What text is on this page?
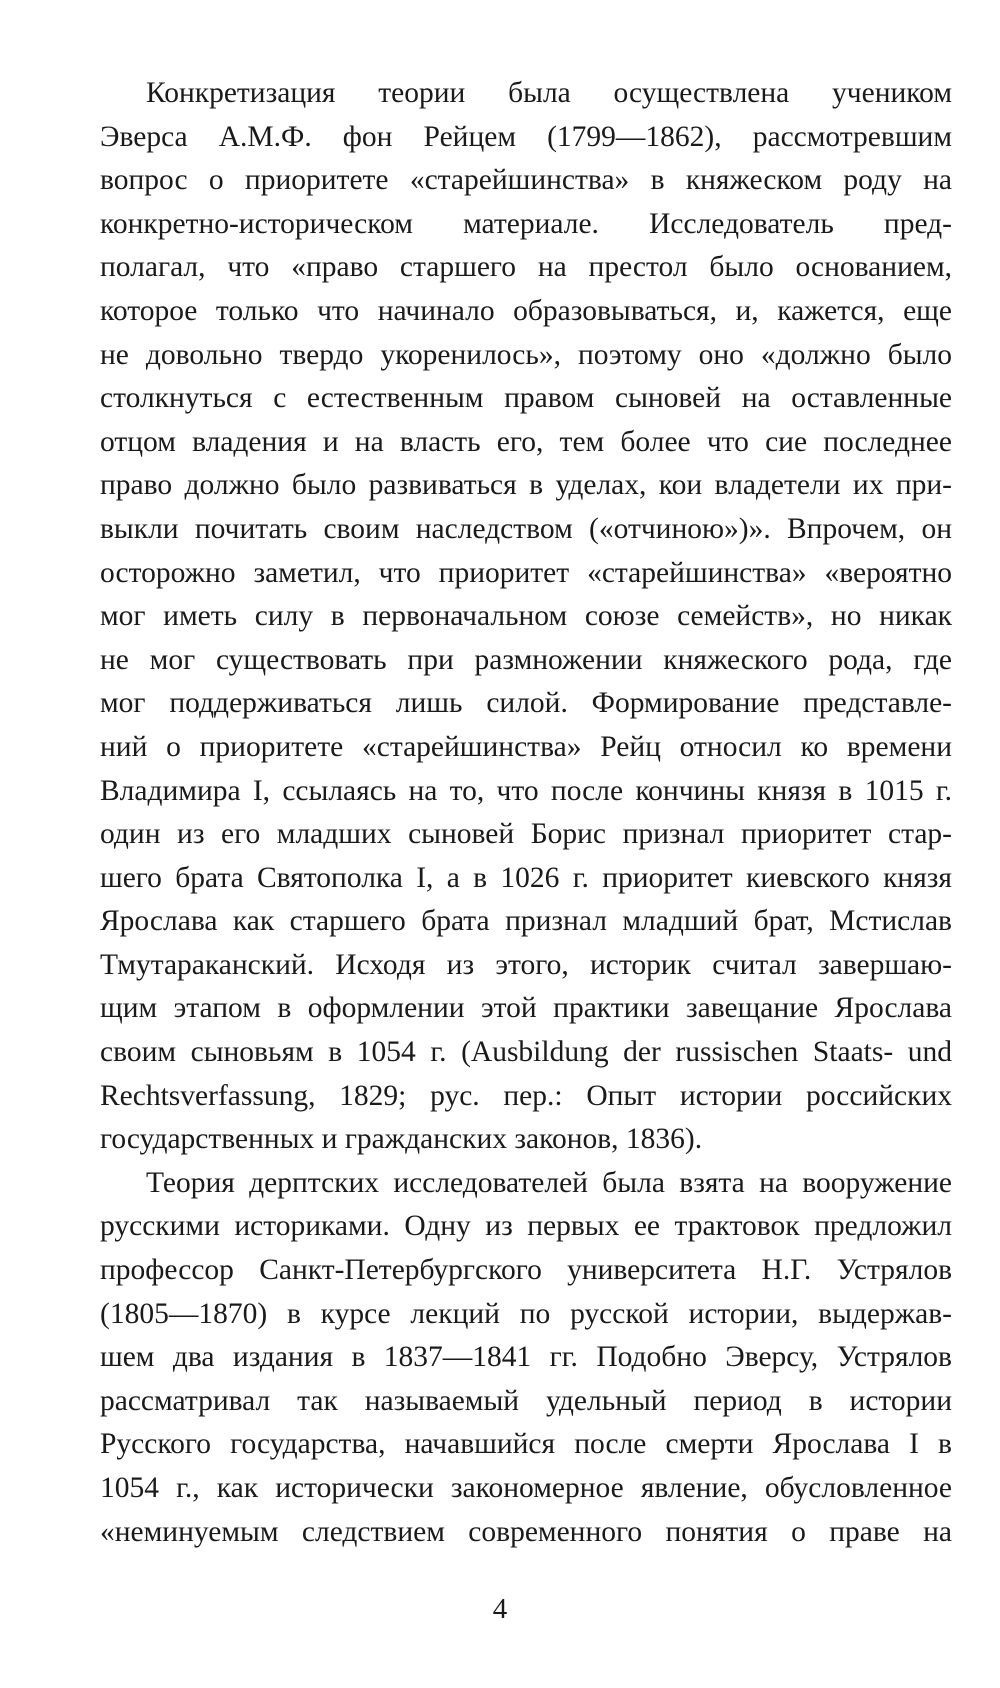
Конкретизация теории была осуществлена учеником
Эверса А.М.Ф. фон Рейцем (1799—1862), рассмотревшим
вопрос о приоритете «старейшинства» в княжеском роду на
конкретно-историческом материале. Исследователь пред-
полагал, что «право старшего на престол было основанием,
которое только что начинало образовываться, и, кажется, еще
не довольно твердо укоренилось», поэтому оно «должно было
столкнуться с естественным правом сыновей на оставленные
отцом владения и на власть его, тем более что сие последнее
право должно было развиваться в уделах, кои владетели их при-
выкли почитать своим наследством («отчиною»)». Впрочем, он
осторожно заметил, что приоритет «старейшинства» «вероятно
мог иметь силу в первоначальном союзе семейств», но никак
не мог существовать при размножении княжеского рода, где
мог поддерживаться лишь силой. Формирование представле-
ний о приоритете «старейшинства» Рейц относил ко времени
Владимира I, ссылаясь на то, что после кончины князя в 1015 г.
один из его младших сыновей Борис признал приоритет стар-
шего брата Святополка I, а в 1026 г. приоритет киевского князя
Ярослава как старшего брата признал младший брат, Мстислав
Тмутараканский. Исходя из этого, историк считал завершаю-
щим этапом в оформлении этой практики завещание Ярослава
своим сыновьям в 1054 г. (Ausbildung der russischen Staats- und
Rechtsverfassung, 1829; рус. пер.: Опыт истории российских
государственных и гражданских законов, 1836).
Теория дерптских исследователей была взята на вооружение
русскими историками. Одну из первых ее трактовок предложил
профессор Санкт-Петербургского университета Н.Г. Устрялов
(1805—1870) в курсе лекций по русской истории, выдержав-
шем два издания в 1837—1841 гг. Подобно Эверсу, Устрялов
рассматривал так называемый удельный период в истории
Русского государства, начавшийся после смерти Ярослава I в
1054 г., как исторически закономерное явление, обусловленное
«неминуемым следствием современного понятия о праве на
4
